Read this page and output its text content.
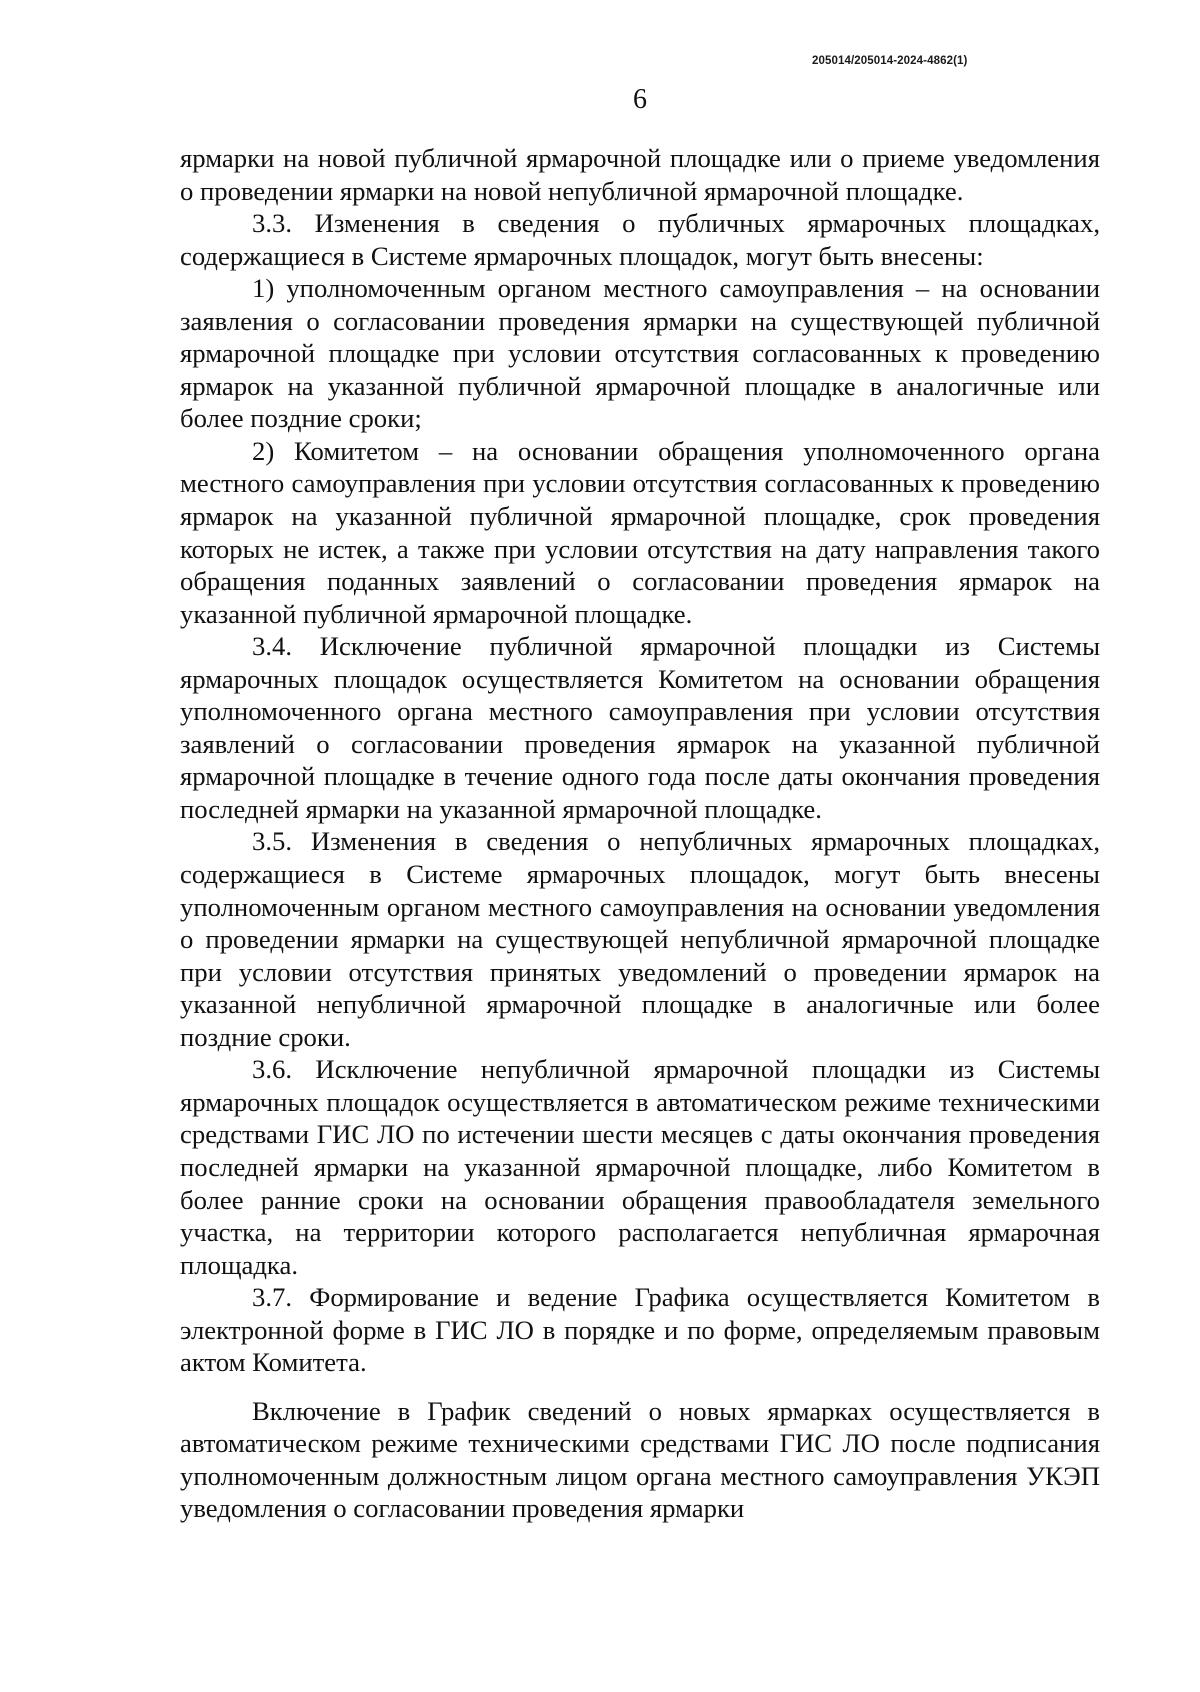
205014/205014-2024-4862(1)
6

ярмарки на новой публичной ярмарочной площадке или о приеме уведомления о проведении ярмарки на новой непубличной ярмарочной площадке.

3.3. Изменения в сведения о публичных ярмарочных площадках, содержащиеся в Системе ярмарочных площадок, могут быть внесены:

1) уполномоченным органом местного самоуправления – на основании заявления о согласовании проведения ярмарки на существующей публичной ярмарочной площадке при условии отсутствия согласованных к проведению ярмарок на указанной публичной ярмарочной площадке в аналогичные или более поздние сроки;

2) Комитетом – на основании обращения уполномоченного органа местного самоуправления при условии отсутствия согласованных к проведению ярмарок на указанной публичной ярмарочной площадке, срок проведения которых не истек, а также при условии отсутствия на дату направления такого обращения поданных заявлений о согласовании проведения ярмарок на указанной публичной ярмарочной площадке.

3.4. Исключение публичной ярмарочной площадки из Системы ярмарочных площадок осуществляется Комитетом на основании обращения уполномоченного органа местного самоуправления при условии отсутствия заявлений о согласовании проведения ярмарок на указанной публичной ярмарочной площадке в течение одного года после даты окончания проведения последней ярмарки на указанной ярмарочной площадке.

3.5. Изменения в сведения о непубличных ярмарочных площадках, содержащиеся в Системе ярмарочных площадок, могут быть внесены уполномоченным органом местного самоуправления на основании уведомления о проведении ярмарки на существующей непубличной ярмарочной площадке при условии отсутствия принятых уведомлений о проведении ярмарок на указанной непубличной ярмарочной площадке в аналогичные или более поздние сроки.

3.6. Исключение непубличной ярмарочной площадки из Системы ярмарочных площадок осуществляется в автоматическом режиме техническими средствами ГИС ЛО по истечении шести месяцев с даты окончания проведения последней ярмарки на указанной ярмарочной площадке, либо Комитетом в более ранние сроки на основании обращения правообладателя земельного участка, на территории которого располагается непубличная ярмарочная площадка.

3.7. Формирование и ведение Графика осуществляется Комитетом в электронной форме в ГИС ЛО в порядке и по форме, определяемым правовым актом Комитета.

Включение в График сведений о новых ярмарках осуществляется в автоматическом режиме техническими средствами ГИС ЛО после подписания уполномоченным должностным лицом органа местного самоуправления УКЭП уведомления о согласовании проведения ярмарки
